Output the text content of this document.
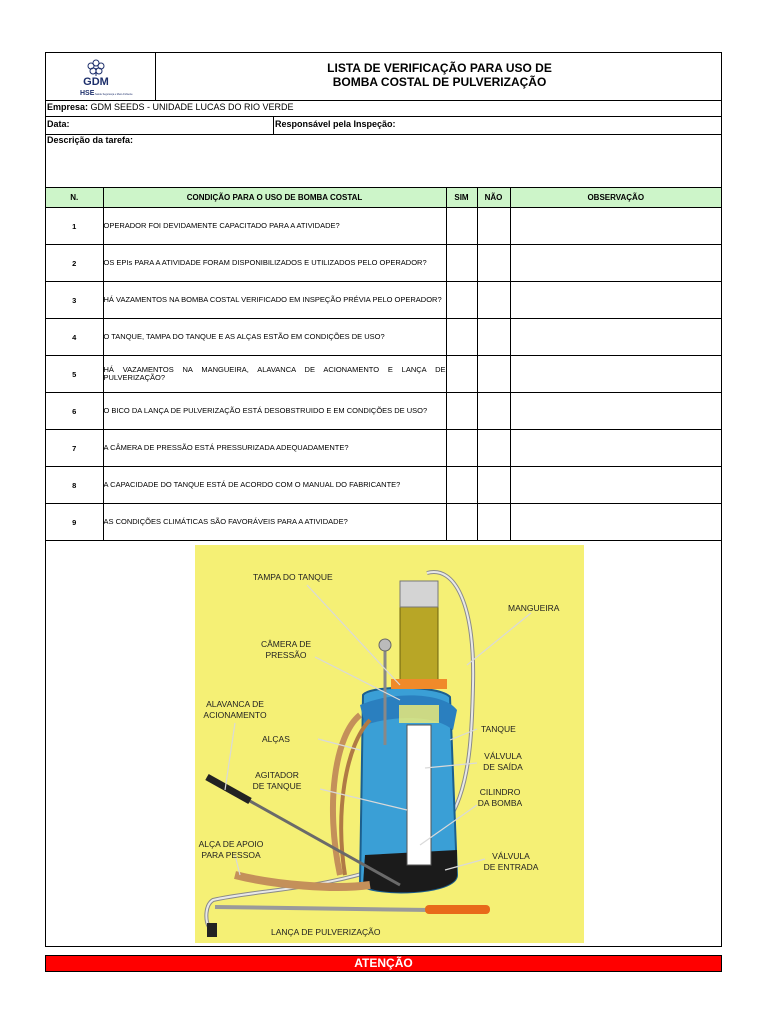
GDM
HSE Saúde Segurança e Meio Ambiente
LISTA DE VERIFICAÇÃO PARA USO DE
BOMBA COSTAL DE PULVERIZAÇÃO
Empresa: GDM SEEDS - UNIDADE LUCAS DO RIO VERDE
Data:	Responsável pela Inspeção:
Descrição da tarefa:
N.	CONDIÇÃO PARA O USO DE BOMBA COSTAL	SIM	NÃO	OBSERVAÇÃO
1	OPERADOR FOI DEVIDAMENTE CAPACITADO PARA A ATIVIDADE?			
2	OS EPIs PARA A ATIVIDADE FORAM DISPONIBILIZADOS E UTILIZADOS PELO OPERADOR?			
3	HÁ VAZAMENTOS NA BOMBA COSTAL VERIFICADO EM INSPEÇÃO PRÉVIA PELO OPERADOR?			
4	O TANQUE, TAMPA DO TANQUE E AS ALÇAS ESTÃO EM CONDIÇÕES DE USO?			
5	HÁ VAZAMENTOS NA MANGUEIRA, ALAVANCA DE ACIONAMENTO E LANÇA DE PULVERIZAÇÃO?			
6	O BICO DA LANÇA DE PULVERIZAÇÃO ESTÁ DESOBSTRUIDO E EM CONDIÇÕES DE USO?			
7	A CÂMERA DE PRESSÃO ESTÁ PRESSURIZADA ADEQUADAMENTE?			
8	A CAPACIDADE DO TANQUE ESTÁ DE ACORDO COM O MANUAL DO FABRICANTE?			
9	AS CONDIÇÕES CLIMÁTICAS SÃO FAVORÁVEIS PARA A ATIVIDADE?			
TAMPA DO TANQUE
MANGUEIRA
CÂMERA DE
PRESSÃO
ALAVANCA DE
ACIONAMENTO
ALÇAS
TANQUE
VÁLVULA
DE SAÍDA
AGITADOR
DE TANQUE
CILINDRO
DA BOMBA
ALÇA DE APOIO
PARA PESSOA	VÁLVULA
DE ENTRADA
LANÇA DE PULVERIZAÇÃO
ATENÇÃO
